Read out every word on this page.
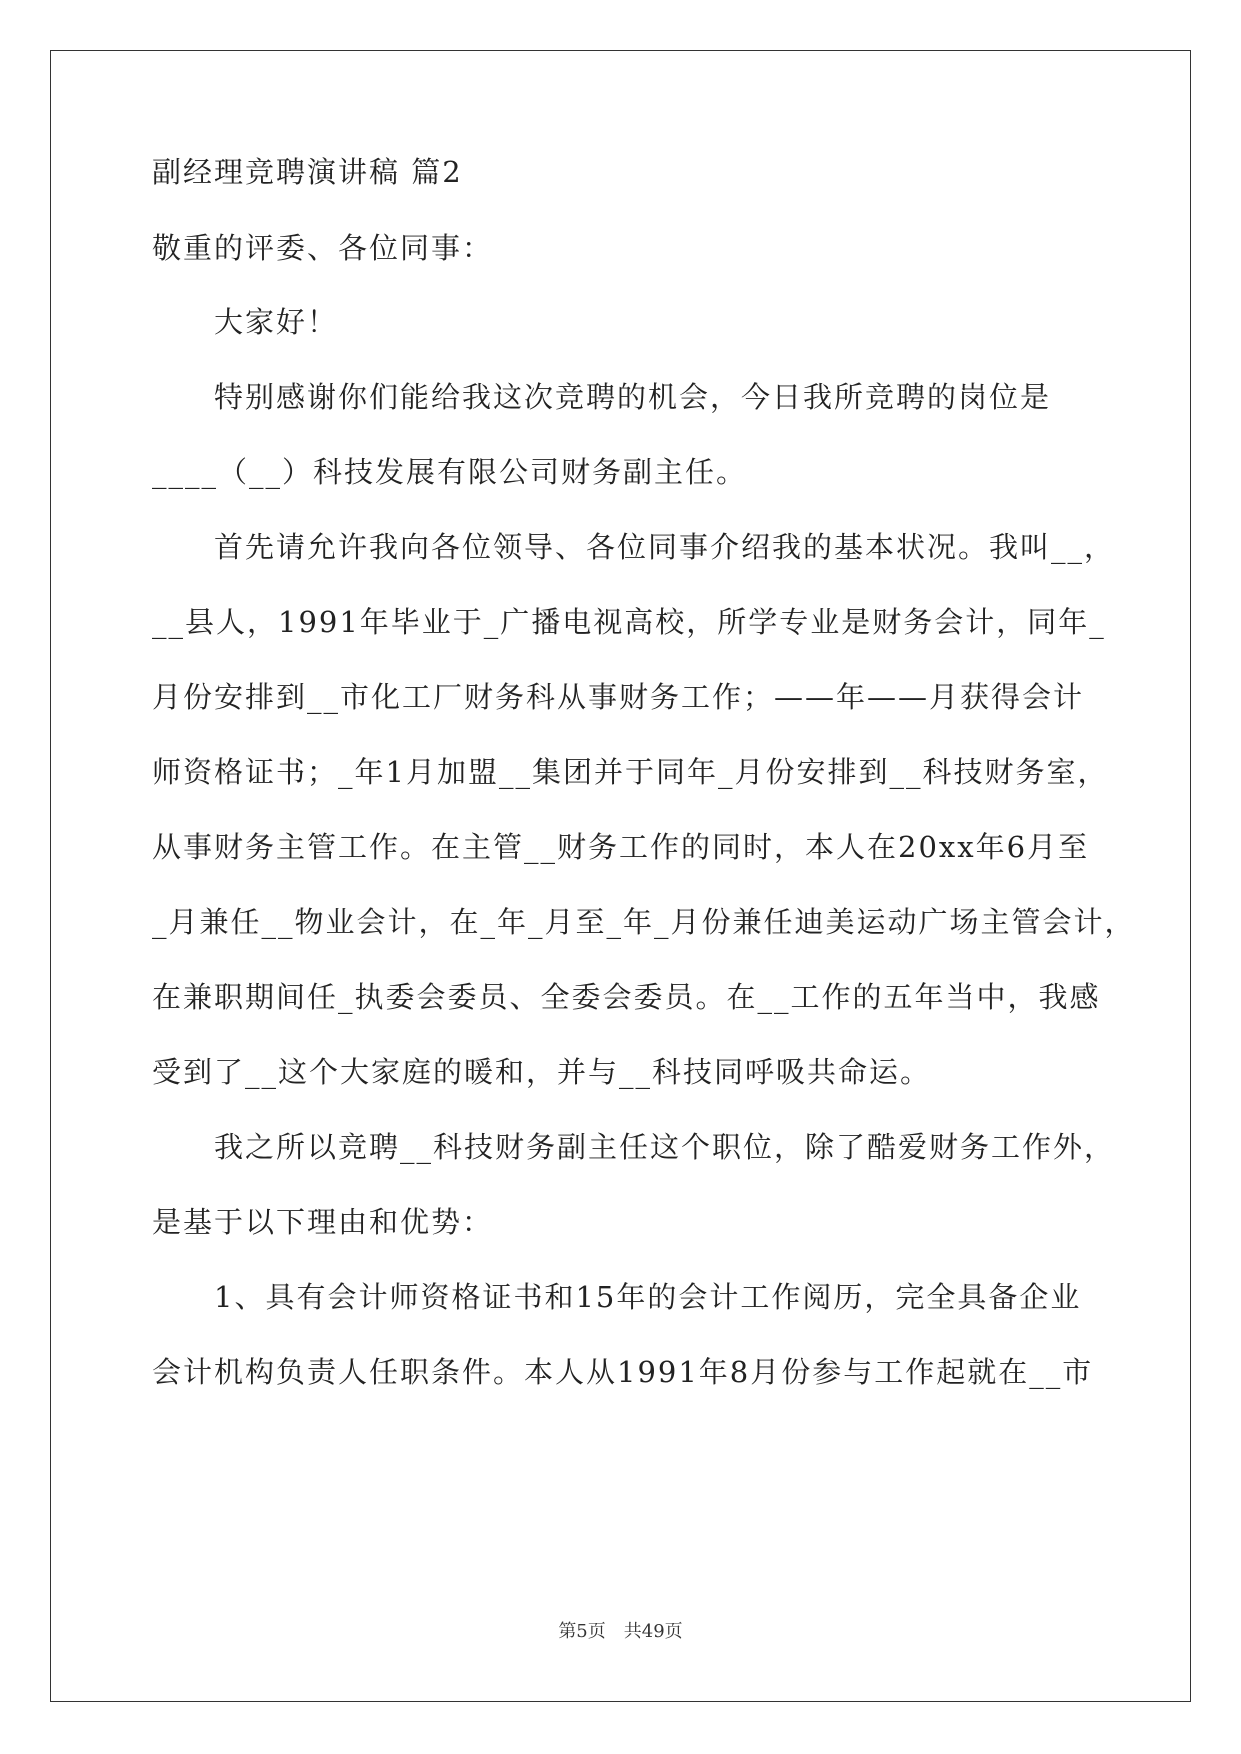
副经理竞聘演讲稿 篇2
敬重的评委、各位同事：
大家好！
特别感谢你们能给我这次竞聘的机会，今日我所竞聘的岗位是
____（__）科技发展有限公司财务副主任。
首先请允许我向各位领导、各位同事介绍我的基本状况。我叫__，
__县人，1991年毕业于_广播电视高校，所学专业是财务会计，同年_
月份安排到__市化工厂财务科从事财务工作；——年——月获得会计
师资格证书；_年1月加盟__集团并于同年_月份安排到__科技财务室，
从事财务主管工作。在主管__财务工作的同时，本人在20xx年6月至
_月兼任__物业会计，在_年_月至_年_月份兼任迪美运动广场主管会计，
在兼职期间任_执委会委员、全委会委员。在__工作的五年当中，我感
受到了__这个大家庭的暖和，并与__科技同呼吸共命运。
我之所以竞聘__科技财务副主任这个职位，除了酷爱财务工作外，
是基于以下理由和优势：
1、具有会计师资格证书和15年的会计工作阅历，完全具备企业
会计机构负责人任职条件。本人从1991年8月份参与工作起就在__市
第5页　共49页
